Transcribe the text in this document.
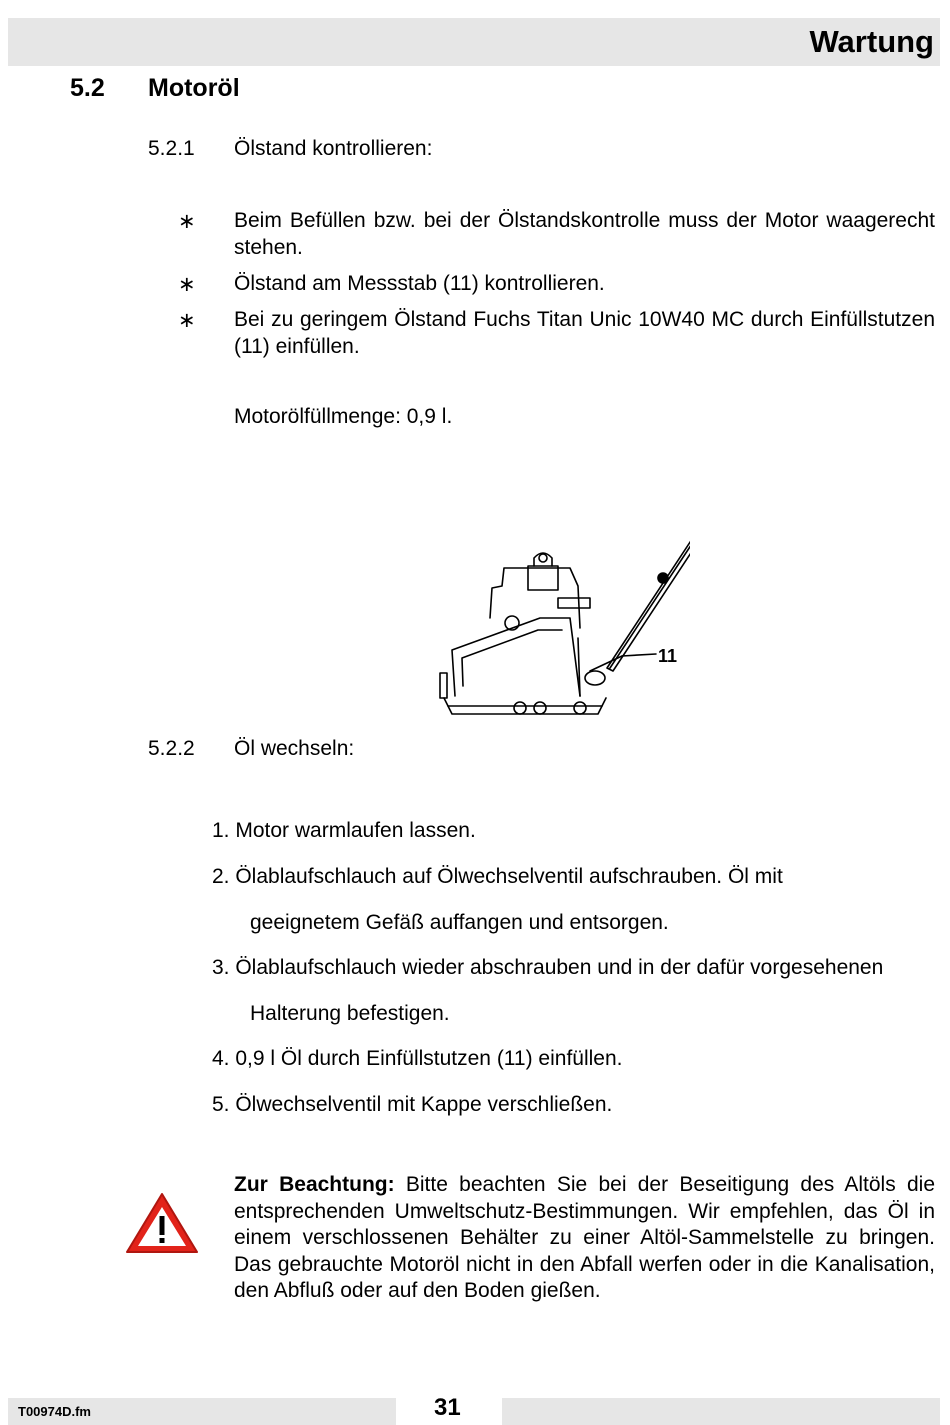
Wartung
5.2 Motoröl
5.2.1 Ölstand kontrollieren:
∗ Beim Befüllen bzw. bei der Ölstandskontrolle muss der Motor waagerecht stehen.
∗ Ölstand am Messstab (11) kontrollieren.
∗ Bei zu geringem Ölstand Fuchs Titan Unic 10W40 MC durch Einfüllstutzen (11) einfüllen.
Motorölfüllmenge: 0,9 l.
11
5.2.2 Öl wechseln:
1. Motor warmlaufen lassen.
2. Ölablaufschlauch auf Ölwechselventil aufschrauben. Öl mit
geeignetem Gefäß auffangen und entsorgen.
3. Ölablaufschlauch wieder abschrauben und in der dafür vorgesehenen
Halterung befestigen.
4. 0,9 l Öl durch Einfüllstutzen (11) einfüllen.
5. Ölwechselventil mit Kappe verschließen.
Zur Beachtung: Bitte beachten Sie bei der Beseitigung des Altöls die entsprechenden Umweltschutz-Bestimmungen. Wir empfehlen, das Öl in einem verschlossenen Behälter zu einer Altöl-Sammelstelle zu bringen. Das gebrauchte Motoröl nicht in den Abfall werfen oder in die Kanalisation, den Abfluß oder auf den Boden gießen.
T00974D.fm	31
